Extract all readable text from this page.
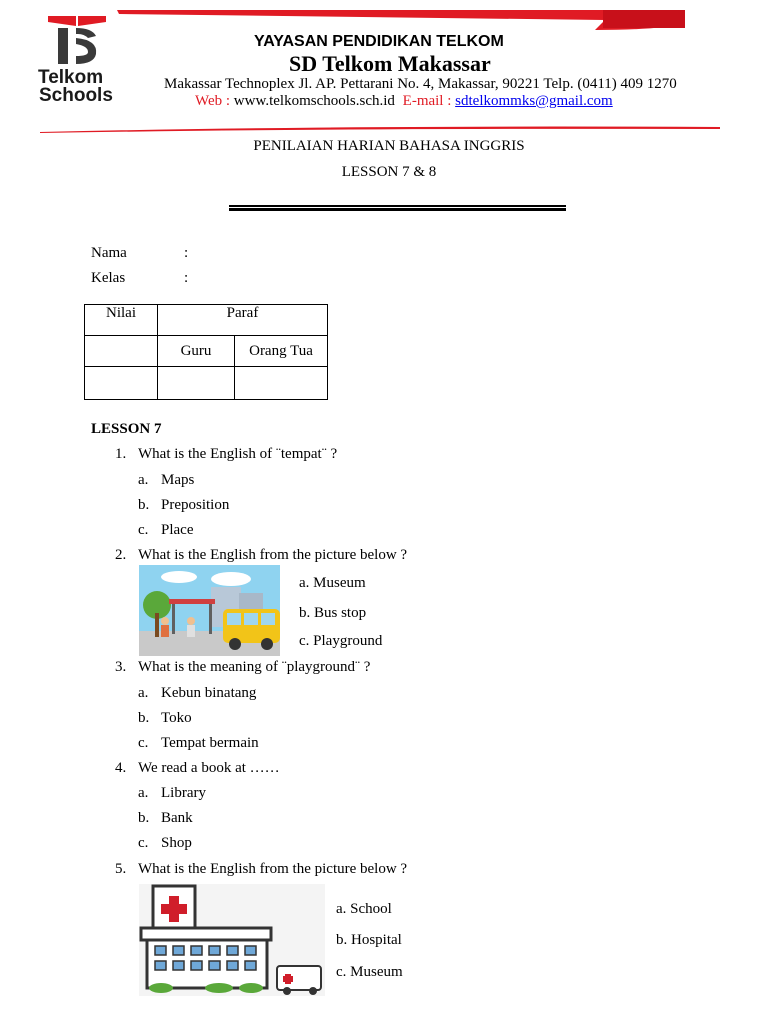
Telkom
Schools
YAYASAN PENDIDIKAN TELKOM
SD Telkom Makassar
Makassar Technoplex Jl. AP. Pettarani No. 4, Makassar, 90221 Telp. (0411) 409 1270
Web : www.telkomschools.sch.id E-mail : sdtelkommks@gmail.com
PENILAIAN HARIAN BAHASA INGGRIS
LESSON 7 & 8
Nama	:
Kelas	:
Nilai	Paraf	
	Guru	Orang Tua

LESSON 7
1. What is the English of ¨tempat¨ ?
a. Maps
b. Preposition
c. Place
2. What is the English from the picture below ?
a. Museum
b. Bus stop
c. Playground
3. What is the meaning of ¨playground¨ ?
a. Kebun binatang
b. Toko
c. Tempat bermain
4. We read a book at ……
a. Library
b. Bank
c. Shop
5. What is the English from the picture below ?
a. School
b. Hospital
c. Museum
